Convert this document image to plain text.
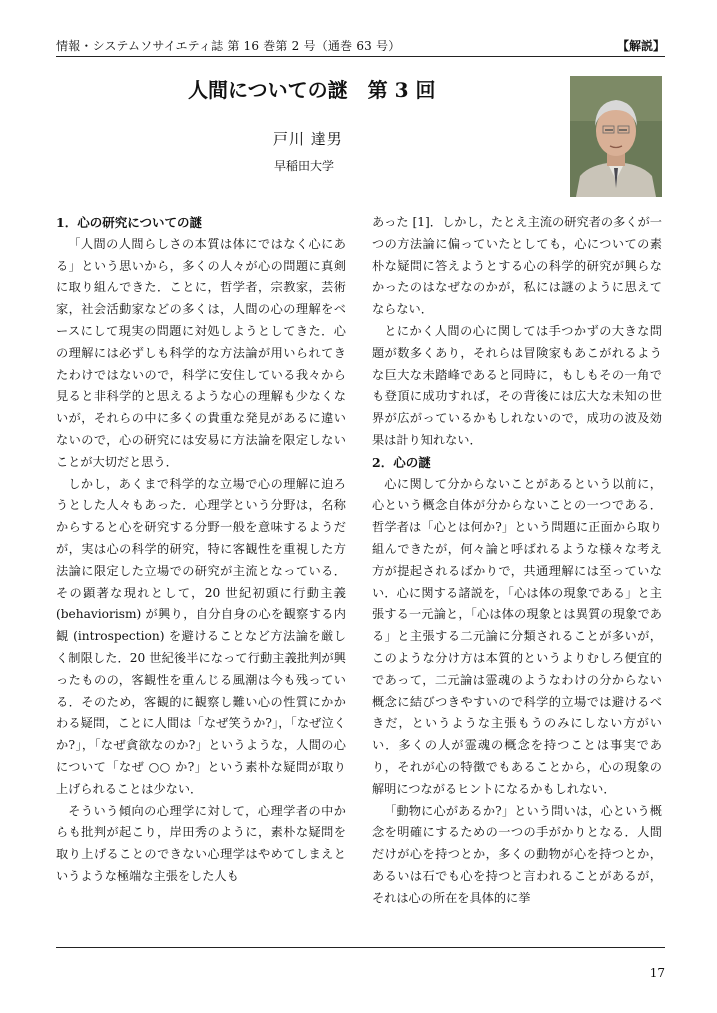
情報・システムソサイエティ誌 第 16 巻第 2 号（通巻 63 号）	【解説】
人間についての謎　第 3 回
戸川 達男
早稲田大学
1．心の研究についての謎

「人間の人間らしさの本質は体にではなく心にある」という思いから，多くの人々が心の問題に真剣に取り組んできた．ことに，哲学者，宗教家，芸術家，社会活動家などの多くは，人間の心の理解をベースにして現実の問題に対処しようとしてきた．心の理解には必ずしも科学的な方法論が用いられてきたわけではないので，科学に安住している我々から見ると非科学的と思えるような心の理解も少なくないが，それらの中に多くの貴重な発見があるに違いないので，心の研究には安易に方法論を限定しないことが大切だと思う．

しかし，あくまで科学的な立場で心の理解に迫ろうとした人々もあった．心理学という分野は，名称からすると心を研究する分野一般を意味するようだが，実は心の科学的研究，特に客観性を重視した方法論に限定した立場での研究が主流となっている．その顕著な現れとして，20 世紀初頭に行動主義 (behaviorism) が興り，自分自身の心を観察する内観 (introspection) を避けることなど方法論を厳しく制限した．20 世紀後半になって行動主義批判が興ったものの，客観性を重んじる風潮は今も残っている．そのため，客観的に観察し難い心の性質にかかわる疑問，ことに人間は「なぜ笑うか?」，「なぜ泣くか?」，「なぜ貪欲なのか?」というような，人間の心について「なぜ ○○ か?」という素朴な疑問が取り上げられることは少ない．

そういう傾向の心理学に対して，心理学者の中からも批判が起こり，岸田秀のように，素朴な疑問を取り上げることのできない心理学はやめてしまえというような極端な主張をした人も

あった [1]．しかし，たとえ主流の研究者の多くが一つの方法論に偏っていたとしても，心についての素朴な疑問に答えようとする心の科学的研究が興らなかったのはなぜなのかが，私には謎のように思えてならない．

とにかく人間の心に関しては手つかずの大きな問題が数多くあり，それらは冒険家もあこがれるような巨大な未踏峰であると同時に，もしもその一角でも登頂に成功すれば，その背後には広大な未知の世界が広がっているかもしれないので，成功の波及効果は計り知れない．

2．心の謎

心に関して分からないことがあるという以前に，心という概念自体が分からないことの一つである．哲学者は「心とは何か?」という問題に正面から取り組んできたが，何々論と呼ばれるような様々な考え方が提起されるばかりで，共通理解には至っていない．心に関する諸説を，「心は体の現象である」と主張する一元論と，「心は体の現象とは異質の現象である」と主張する二元論に分類されることが多いが，このような分け方は本質的というよりむしろ便宜的であって，二元論は霊魂のようなわけの分からない概念に結びつきやすいので科学的立場では避けるべきだ，というような主張もうのみにしない方がいい．多くの人が霊魂の概念を持つことは事実であり，それが心の特徴でもあることから，心の現象の解明につながるヒントになるかもしれない．

「動物に心があるか?」という問いは，心という概念を明確にするための一つの手がかりとなる．人間だけが心を持つとか，多くの動物が心を持つとか，あるいは石でも心を持つと言われることがあるが，それは心の所在を具体的に挙

17
